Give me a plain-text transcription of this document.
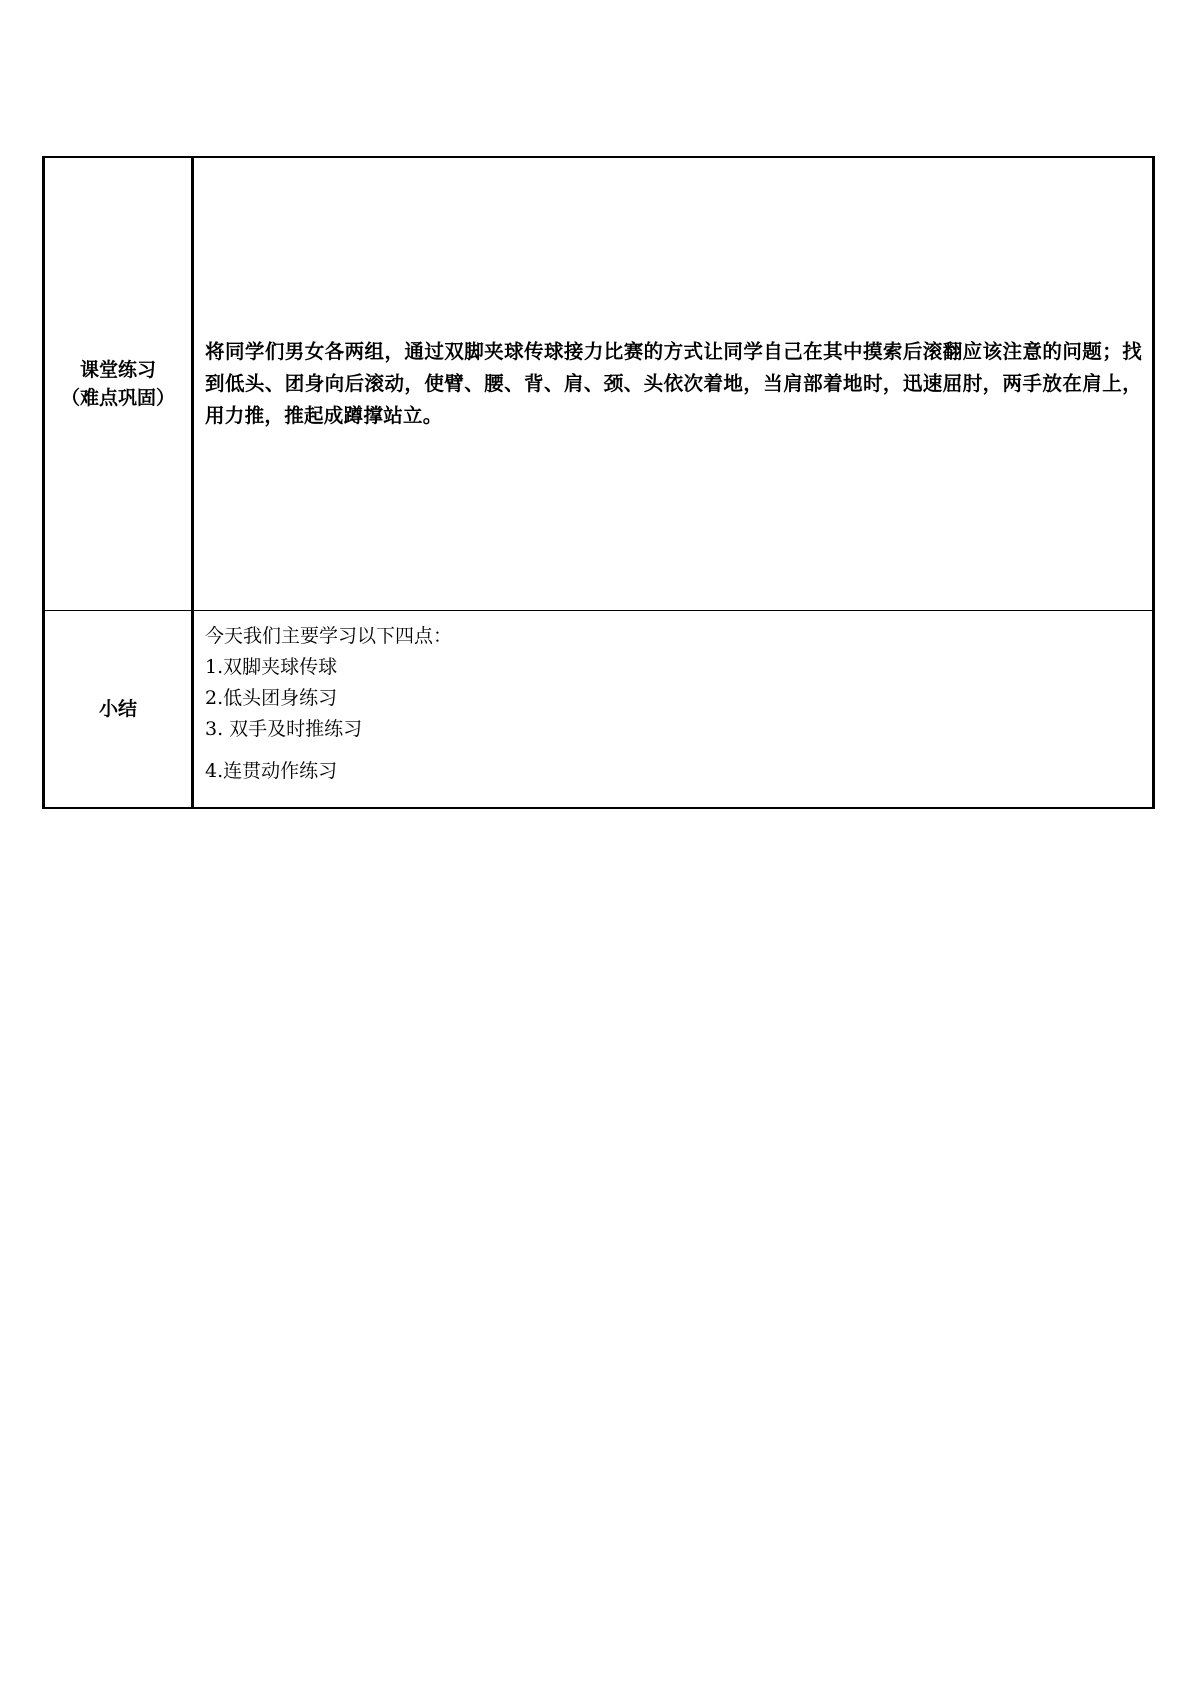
课堂练习
（难点巩固）	将同学们男女各两组，通过双脚夹球传球接力比赛的方式让同学自己在其中摸索后滚翻应该注意的问题；找到低头、团身向后滚动，使臂、腰、背、肩、颈、头依次着地，当肩部着地时，迅速屈肘，两手放在肩上，用力推，推起成蹲撑站立。
小结	今天我们主要学习以下四点：
1.双脚夹球传球
2.低头团身练习
3. 双手及时推练习
4.连贯动作练习
